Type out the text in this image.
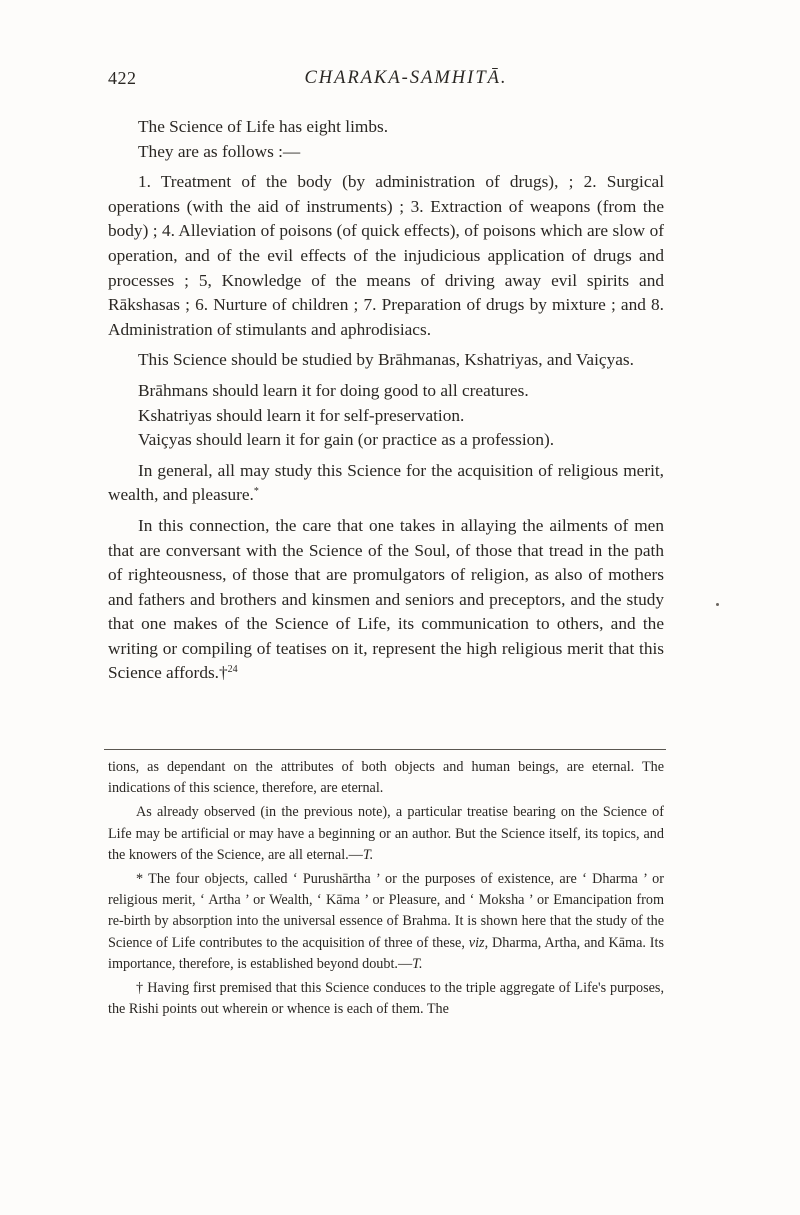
422	CHARAKA-SAMHITĀ.

The Science of Life has eight limbs.

They are as follows :—

1. Treatment of the body (by administration of drugs), ; 2. Surgical operations (with the aid of instruments) ; 3. Extraction of weapons (from the body) ; 4. Alleviation of poisons (of quick effects), of poisons which are slow of operation, and of the evil effects of the injudicious application of drugs and processes ; 5, Knowledge of the means of driving away evil spirits and Rākshasas ; 6. Nurture of children ; 7. Preparation of drugs by mixture ; and 8. Administration of stimulants and aphrodisiacs.

This Science should be studied by Brāhmanas, Kshatriyas, and Vaiçyas.

Brāhmans should learn it for doing good to all creatures.

Kshatriyas should learn it for self-preservation.

Vaiçyas should learn it for gain (or practice as a profession).

In general, all may study this Science for the acquisition of religious merit, wealth, and pleasure.*

In this connection, the care that one takes in allaying the ailments of men that are conversant with the Science of the Soul, of those that tread in the path of righteousness, of those that are promulgators of religion, as also of mothers and fathers and brothers and kinsmen and seniors and preceptors, and the study that one makes of the Science of Life, its communication to others, and the writing or compiling of teatises on it, represent the high religious merit that this Science affords.†$^{24}$

tions, as dependant on the attributes of both objects and human beings, are eternal. The indications of this science, therefore, are eternal.

As already observed (in the previous note), a particular treatise bearing on the Science of Life may be artificial or may have a beginning or an author. But the Science itself, its topics, and the knowers of the Science, are all eternal.—T.

* The four objects, called ‘ Purushārtha ’ or the purposes of existence, are ‘ Dharma ’ or religious merit, ‘ Artha ’ or Wealth, ‘ Kāma ’ or Pleasure, and ‘ Moksha ’ or Emancipation from re-birth by absorption into the universal essence of Brahma. It is shown here that the study of the Science of Life contributes to the acquisition of three of these, viz, Dharma, Artha, and Kāma. Its importance, therefore, is established beyond doubt.—T.

† Having first premised that this Science conduces to the triple aggregate of Life's purposes, the Rishi points out wherein or whence is each of them. The
